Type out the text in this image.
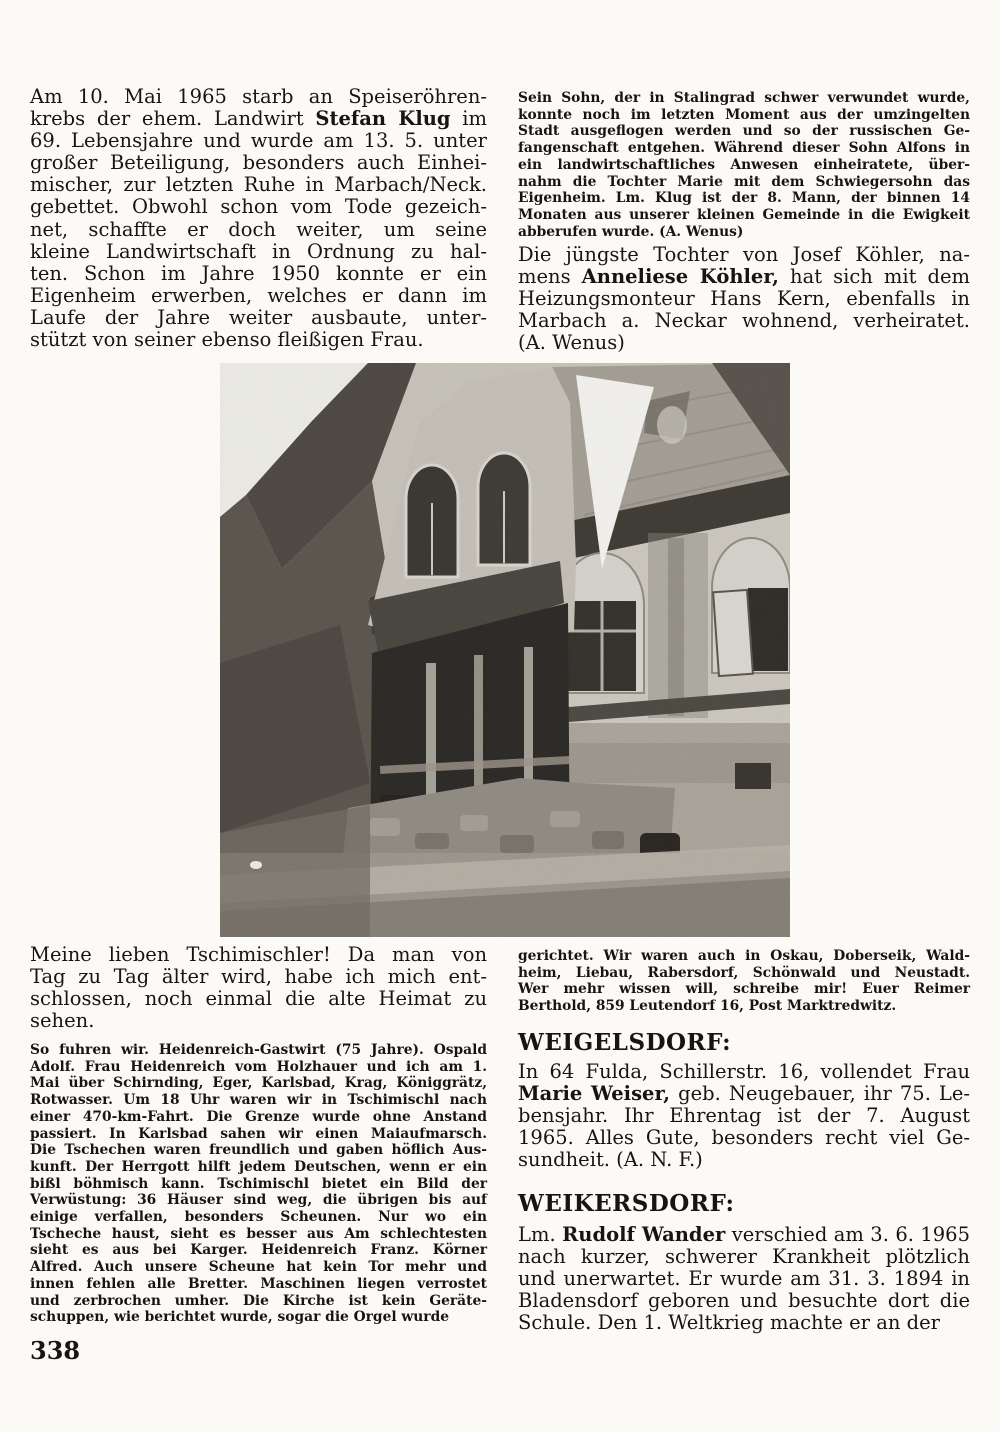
Am 10. Mai 1965 starb an Speiseröhren-
krebs der ehem. Landwirt Stefan Klug im
69. Lebensjahre und wurde am 13. 5. unter
großer Beteiligung, besonders auch Einhei-
mischer, zur letzten Ruhe in Marbach/Neck.
gebettet. Obwohl schon vom Tode gezeich-
net, schaffte er doch weiter, um seine
kleine Landwirtschaft in Ordnung zu hal-
ten. Schon im Jahre 1950 konnte er ein
Eigenheim erwerben, welches er dann im
Laufe der Jahre weiter ausbaute, unter-
stützt von seiner ebenso fleißigen Frau.
Sein Sohn, der in Stalingrad schwer verwundet wurde,
konnte noch im letzten Moment aus der umzingelten
Stadt ausgeflogen werden und so der russischen Ge-
fangenschaft entgehen. Während dieser Sohn Alfons in
ein landwirtschaftliches Anwesen einheiratete, über-
nahm die Tochter Marie mit dem Schwiegersohn das
Eigenheim. Lm. Klug ist der 8. Mann, der binnen 14
Monaten aus unserer kleinen Gemeinde in die Ewigkeit
abberufen wurde. (A. Wenus)
Die jüngste Tochter von Josef Köhler, na-
mens Anneliese Köhler, hat sich mit dem
Heizungsmonteur Hans Kern, ebenfalls in
Marbach a. Neckar wohnend, verheiratet.
(A. Wenus)
Meine lieben Tschimischler! Da man von
Tag zu Tag älter wird, habe ich mich ent-
schlossen, noch einmal die alte Heimat zu
sehen.
So fuhren wir. Heidenreich-Gastwirt (75 Jahre). Ospald
Adolf. Frau Heidenreich vom Holzhauer und ich am 1.
Mai über Schirnding, Eger, Karlsbad, Krag, Königgrätz,
Rotwasser. Um 18 Uhr waren wir in Tschimischl nach
einer 470-km-Fahrt. Die Grenze wurde ohne Anstand
passiert. In Karlsbad sahen wir einen Maiaufmarsch.
Die Tschechen waren freundlich und gaben höflich Aus-
kunft. Der Herrgott hilft jedem Deutschen, wenn er ein
bißl böhmisch kann. Tschimischl bietet ein Bild der
Verwüstung: 36 Häuser sind weg, die übrigen bis auf
einige verfallen, besonders Scheunen. Nur wo ein
Tscheche haust, sieht es besser aus Am schlechtesten
sieht es aus bei Karger. Heidenreich Franz. Körner
Alfred. Auch unsere Scheune hat kein Tor mehr und
innen fehlen alle Bretter. Maschinen liegen verrostet
und zerbrochen umher. Die Kirche ist kein Geräte-
schuppen, wie berichtet wurde, sogar die Orgel wurde
gerichtet. Wir waren auch in Oskau, Doberseik, Wald-
heim, Liebau, Rabersdorf, Schönwald und Neustadt.
Wer mehr wissen will, schreibe mir! Euer Reimer
Berthold, 859 Leutendorf 16, Post Marktredwitz.
WEIGELSDORF:
In 64 Fulda, Schillerstr. 16, vollendet Frau
Marie Weiser, geb. Neugebauer, ihr 75. Le-
bensjahr. Ihr Ehrentag ist der 7. August
1965. Alles Gute, besonders recht viel Ge-
sundheit. (A. N. F.)
WEIKERSDORF:
Lm. Rudolf Wander verschied am 3. 6. 1965
nach kurzer, schwerer Krankheit plötzlich
und unerwartet. Er wurde am 31. 3. 1894 in
Bladensdorf geboren und besuchte dort die
Schule. Den 1. Weltkrieg machte er an der
338
